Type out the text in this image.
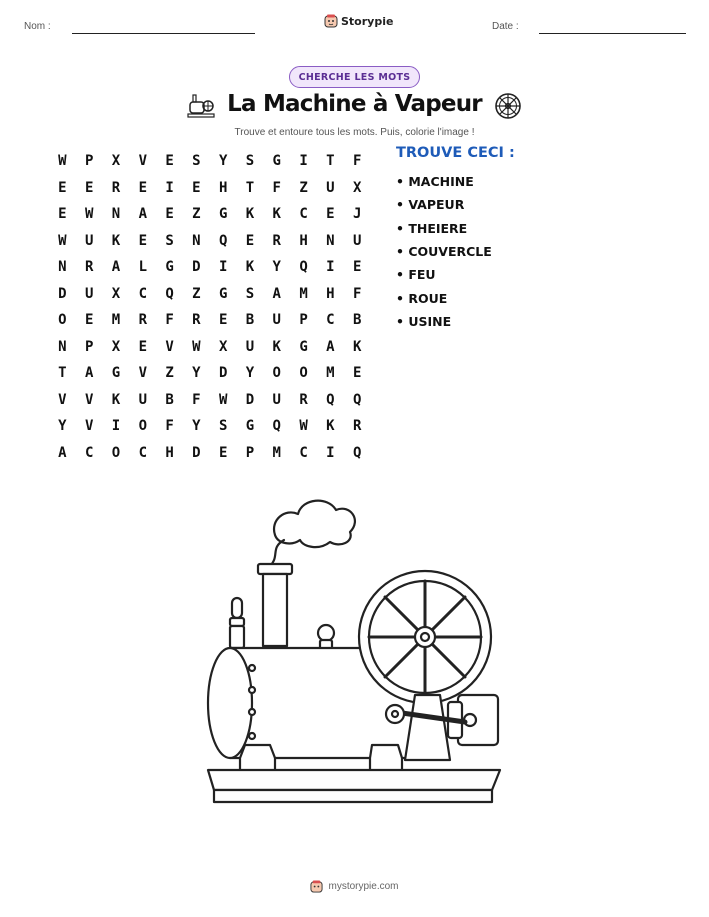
Nom :	Storypie	Date :
CHERCHE LES MOTS
La Machine à Vapeur
Trouve et entoure tous les mots. Puis, colorie l'image !
W	P	X	V	E	S	Y	S	G	I	T	F
E	E	R	E	I	E	H	T	F	Z	U	X
E	W	N	A	E	Z	G	K	K	C	E	J
W	U	K	E	S	N	Q	E	R	H	N	U
N	R	A	L	G	D	I	K	Y	Q	I	E
D	U	X	C	Q	Z	G	S	A	M	H	F
O	E	M	R	F	R	E	B	U	P	C	B
N	P	X	E	V	W	X	U	K	G	A	K
T	A	G	V	Z	Y	D	Y	O	O	M	E
V	V	K	U	B	F	W	D	U	R	Q	Q
Y	V	I	O	F	Y	S	G	Q	W	K	R
A	C	O	C	H	D	E	P	M	C	I	Q
TROUVE CECI :
• MACHINE
• VAPEUR
• THEIERE
• COUVERCLE
• FEU
• ROUE
• USINE
mystorypie.com
